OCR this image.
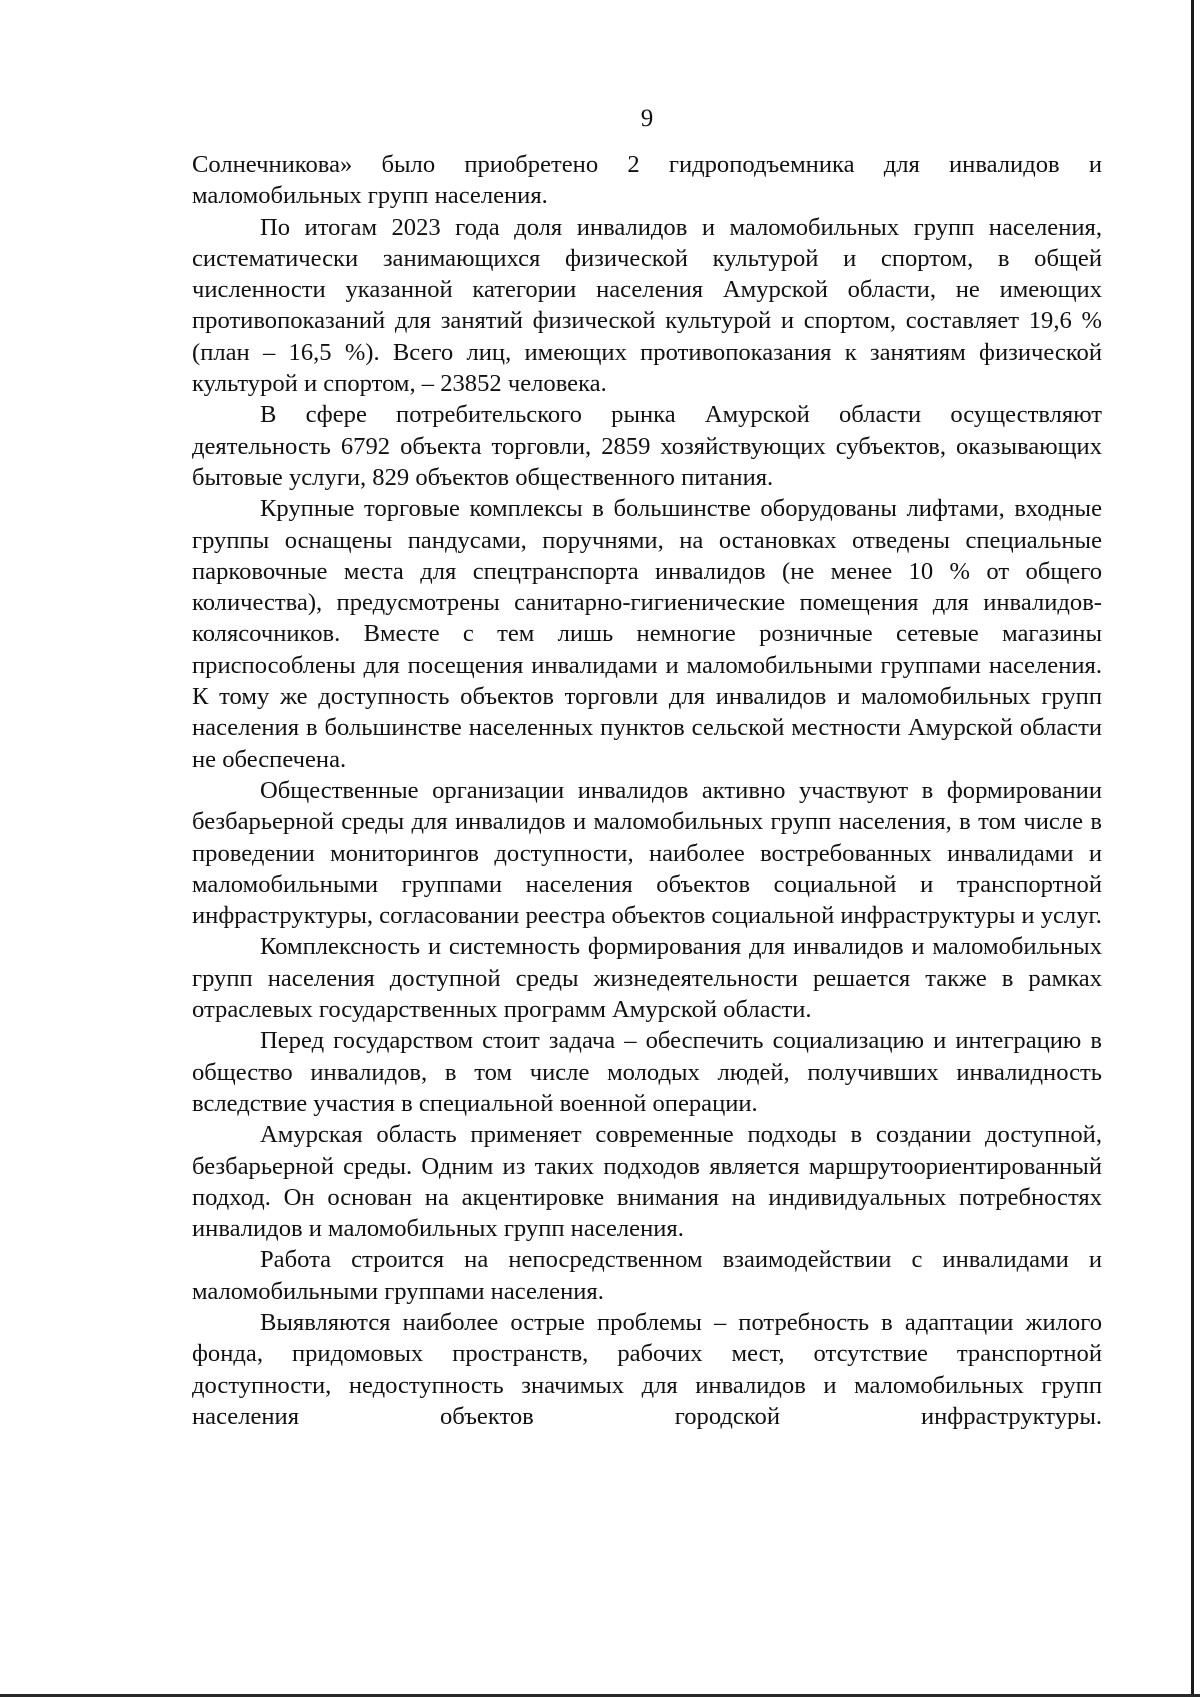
9

Солнечникова» было приобретено 2 гидроподъемника для инвалидов и маломобильных групп населения.

По итогам 2023 года доля инвалидов и маломобильных групп населения, систематически занимающихся физической культурой и спортом, в общей численности указанной категории населения Амурской области, не имеющих противопоказаний для занятий физической культурой и спортом, составляет 19,6 % (план – 16,5 %). Всего лиц, имеющих противопоказания к занятиям физической культурой и спортом, – 23852 человека.

В сфере потребительского рынка Амурской области осуществляют деятельность 6792 объекта торговли, 2859 хозяйствующих субъектов, оказывающих бытовые услуги, 829 объектов общественного питания.

Крупные торговые комплексы в большинстве оборудованы лифтами, входные группы оснащены пандусами, поручнями, на остановках отведены специальные парковочные места для спецтранспорта инвалидов (не менее 10 % от общего количества), предусмотрены санитарно-гигиенические помещения для инвалидов-колясочников. Вместе с тем лишь немногие розничные сетевые магазины приспособлены для посещения инвалидами и маломобильными группами населения. К тому же доступность объектов торговли для инвалидов и маломобильных групп населения в большинстве населенных пунктов сельской местности Амурской области не обеспечена.

Общественные организации инвалидов активно участвуют в формировании безбарьерной среды для инвалидов и маломобильных групп населения, в том числе в проведении мониторингов доступности, наиболее востребованных инвалидами и маломобильными группами населения объектов социальной и транспортной инфраструктуры, согласовании реестра объектов социальной инфраструктуры и услуг.

Комплексность и системность формирования для инвалидов и маломобильных групп населения доступной среды жизнедеятельности решается также в рамках отраслевых государственных программ Амурской области.

Перед государством стоит задача – обеспечить социализацию и интеграцию в общество инвалидов, в том числе молодых людей, получивших инвалидность вследствие участия в специальной военной операции.

Амурская область применяет современные подходы в создании доступной, безбарьерной среды. Одним из таких подходов является маршрутоориентированный подход. Он основан на акцентировке внимания на индивидуальных потребностях инвалидов и маломобильных групп населения.

Работа строится на непосредственном взаимодействии с инвалидами и маломобильными группами населения.

Выявляются наиболее острые проблемы – потребность в адаптации жилого фонда, придомовых пространств, рабочих мест, отсутствие транспортной доступности, недоступность значимых для инвалидов и маломобильных групп населения объектов городской инфраструктуры.
